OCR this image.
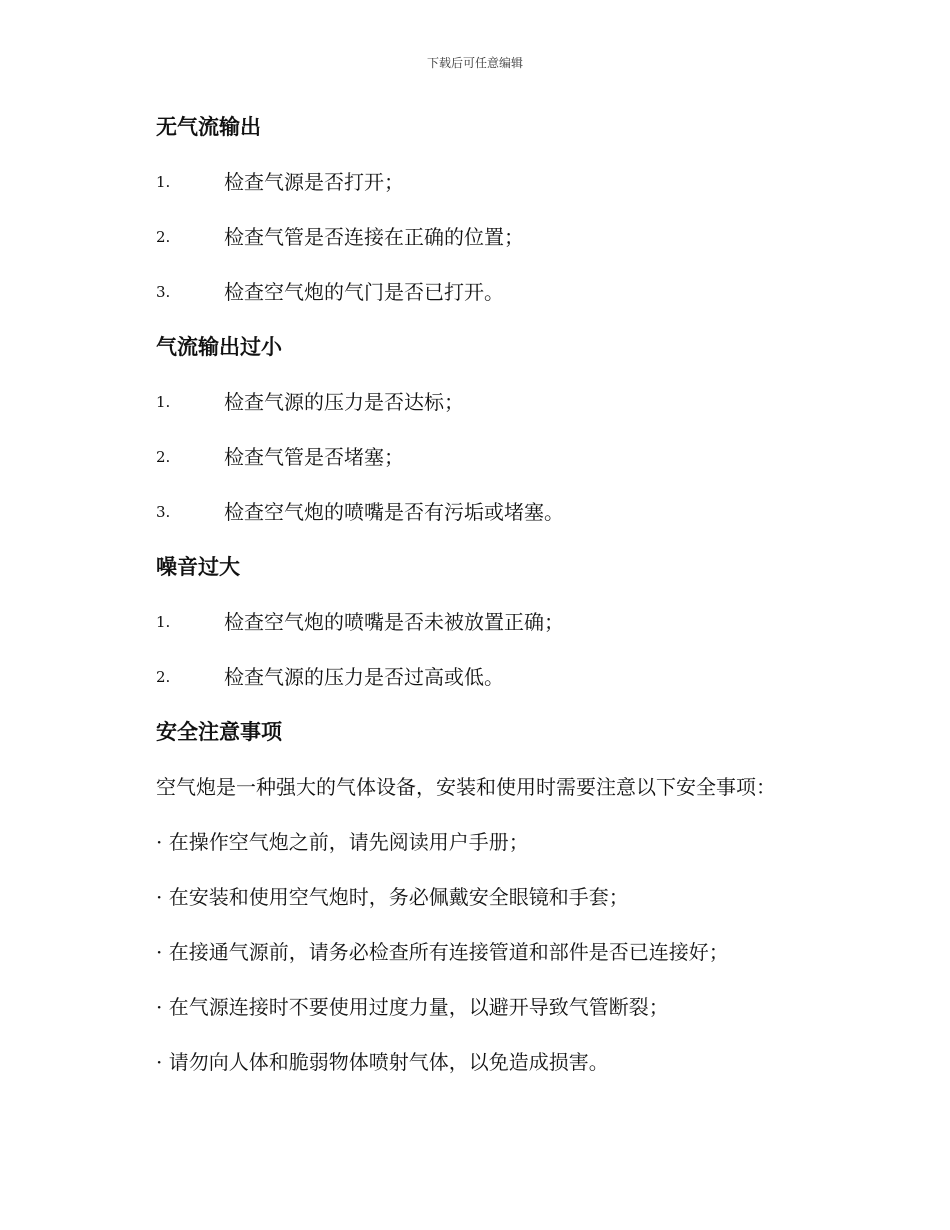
下载后可任意编辑
无气流输出
1.	检查气源是否打开；
2.	检查气管是否连接在正确的位置；
3.	检查空气炮的气门是否已打开。
气流输出过小
1.	检查气源的压力是否达标；
2.	检查气管是否堵塞；
3.	检查空气炮的喷嘴是否有污垢或堵塞。
噪音过大
1.	检查空气炮的喷嘴是否未被放置正确；
2.	检查气源的压力是否过高或低。
安全注意事项
空气炮是一种强大的气体设备，安装和使用时需要注意以下安全事项：
· 在操作空气炮之前，请先阅读用户手册；
· 在安装和使用空气炮时，务必佩戴安全眼镜和手套；
· 在接通气源前，请务必检查所有连接管道和部件是否已连接好；
· 在气源连接时不要使用过度力量，以避开导致气管断裂；
· 请勿向人体和脆弱物体喷射气体，以免造成损害。
